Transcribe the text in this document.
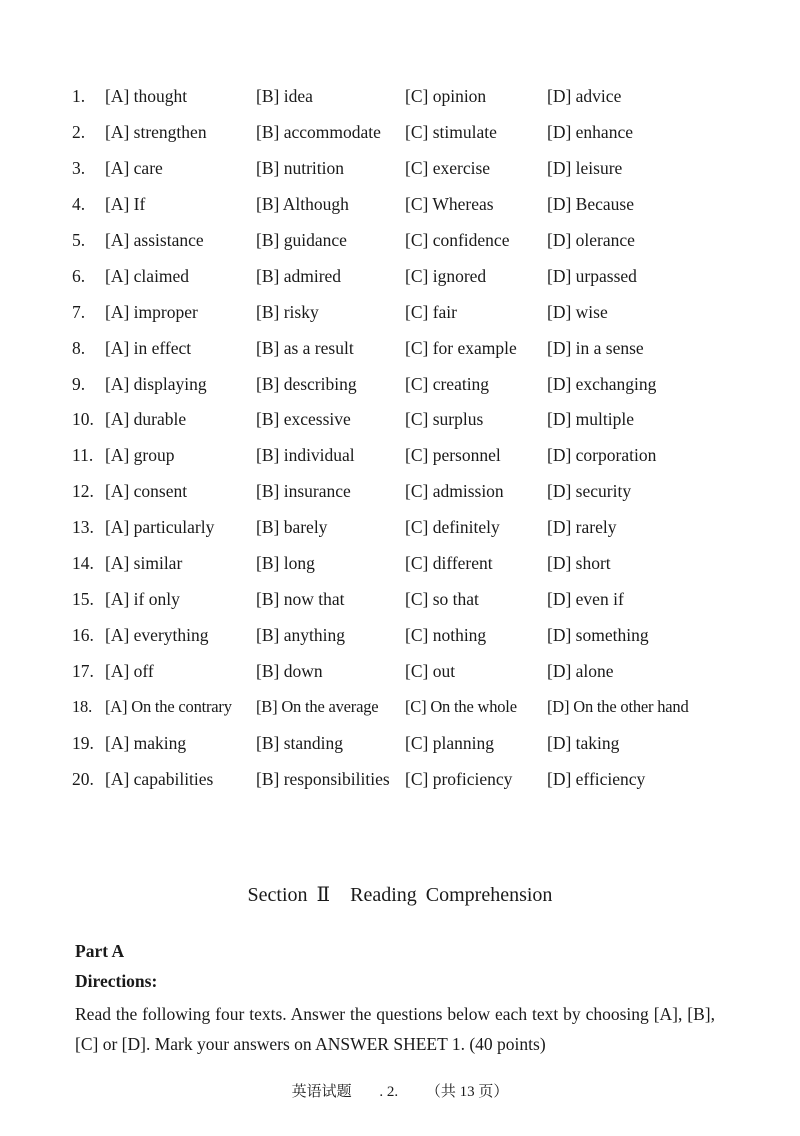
1. [A] thought	[B] idea	[C] opinion	[D] advice
2. [A] strengthen	[B] accommodate [C] stimulate	[D] enhance
3. [A] care	[B] nutrition	[C] exercise	[D] leisure
4. [A] If	[B] Although	[C] Whereas	[D] Because
5. [A] assistance	[B] guidance	[C] confidence [D] olerance
6. [A] claimed	[B] admired	[C] ignored	[D] urpassed
7. [A] improper	[B] risky	[C] fair	[D] wise
8. [A] in effect	[B] as a result	[C] for example [D] in a sense
9. [A] displaying	[B] describing	[C] creating	[D] exchanging
10. [A] durable	[B] excessive	[C] surplus	[D] multiple
11. [A] group	[B] individual	[C] personnel	[D] corporation
12. [A] consent	[B] insurance	[C] admission [D] security
13. [A] particularly [B] barely	[C] definitely	[D] rarely
14. [A] similar	[B] long	[C] different	[D] short
15. [A] if only	[B] now that	[C] so that	[D] even if
16. [A] everything	[B] anything	[C] nothing	[D] something
17. [A] off	[B] down	[C] out	[D] alone
18. [A] On the contrary [B] On the average [C] On the whole [D] On the other hand
19. [A] making	[B] standing	[C] planning	[D] taking
20. [A] capabilities [B] responsibilities [C] proficiency [D] efficiency
Section Ⅱ　Reading Comprehension
Part A
Directions:
Read the following four texts. Answer the questions below each text by choosing [A], [B], [C] or [D]. Mark your answers on ANSWER SHEET 1. (40 points)
英语试题 . 2. （共 13 页）
